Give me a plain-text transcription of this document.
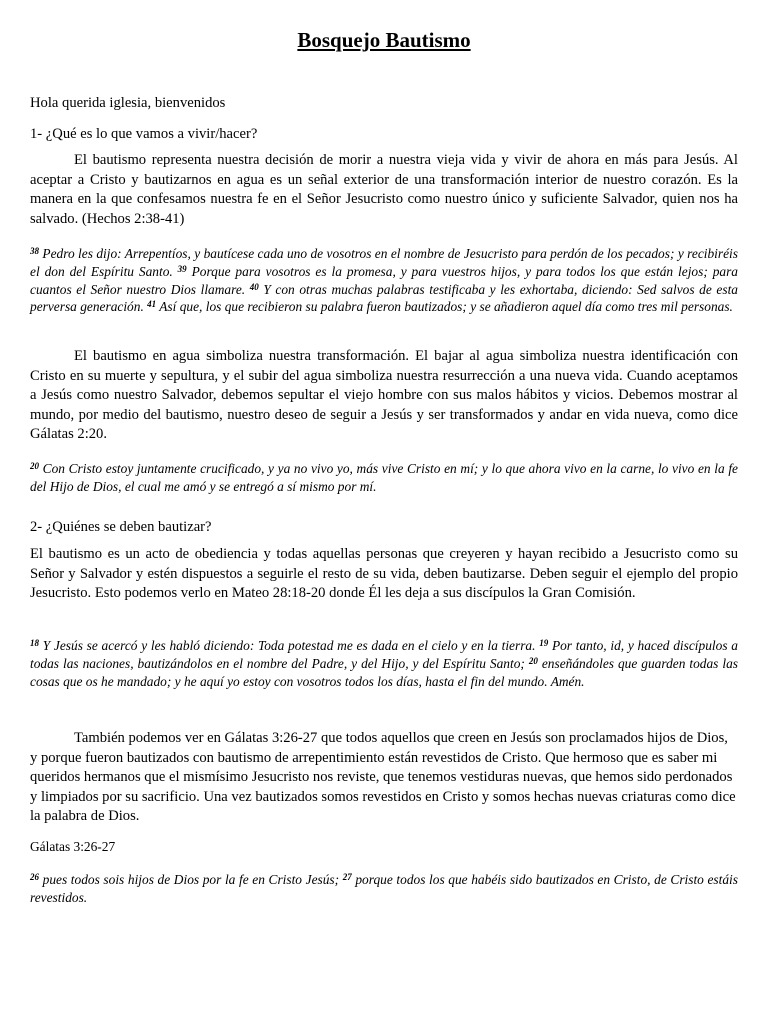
Bosquejo Bautismo

Hola querida iglesia, bienvenidos

1- ¿Qué es lo que vamos a vivir/hacer?

El bautismo representa nuestra decisión de morir a nuestra vieja vida y vivir de ahora en más para Jesús. Al aceptar a Cristo y bautizarnos en agua es un señal exterior de una transformación interior de nuestro corazón. Es la manera en la que confesamos nuestra fe en el Señor Jesucristo como nuestro único y suficiente Salvador, quien nos ha salvado. (Hechos 2:38-41)

$^{38}$ Pedro les dijo: Arrepentíos, y bautícese cada uno de vosotros en el nombre de Jesucristo para perdón de los pecados; y recibiréis el don del Espíritu Santo. $^{39}$ Porque para vosotros es la promesa, y para vuestros hijos, y para todos los que están lejos; para cuantos el Señor nuestro Dios llamare. $^{40}$ Y con otras muchas palabras testificaba y les exhortaba, diciendo: Sed salvos de esta perversa generación. $^{41}$ Así que, los que recibieron su palabra fueron bautizados; y se añadieron aquel día como tres mil personas.

El bautismo en agua simboliza nuestra transformación. El bajar al agua simboliza nuestra identificación con Cristo en su muerte y sepultura, y el subir del agua simboliza nuestra resurrección a una nueva vida. Cuando aceptamos a Jesús como nuestro Salvador, debemos sepultar el viejo hombre con sus malos hábitos y vicios. Debemos mostrar al mundo, por medio del bautismo, nuestro deseo de seguir a Jesús y ser transformados y andar en vida nueva, como dice Gálatas 2:20.

$^{20}$ Con Cristo estoy juntamente crucificado, y ya no vivo yo, más vive Cristo en mí; y lo que ahora vivo en la carne, lo vivo en la fe del Hijo de Dios, el cual me amó y se entregó a sí mismo por mí.

2- ¿Quiénes se deben bautizar?

El bautismo es un acto de obediencia y todas aquellas personas que creyeren y hayan recibido a Jesucristo como su Señor y Salvador y estén dispuestos a seguirle el resto de su vida, deben bautizarse. Deben seguir el ejemplo del propio Jesucristo. Esto podemos verlo en Mateo 28:18-20 donde Él les deja a sus discípulos la Gran Comisión.

$^{18}$ Y Jesús se acercó y les habló diciendo: Toda potestad me es dada en el cielo y en la tierra. $^{19}$ Por tanto, id, y haced discípulos a todas las naciones, bautizándolos en el nombre del Padre, y del Hijo, y del Espíritu Santo; $^{20}$ enseñándoles que guarden todas las cosas que os he mandado; y he aquí yo estoy con vosotros todos los días, hasta el fin del mundo. Amén.

También podemos ver en Gálatas 3:26-27 que todos aquellos que creen en Jesús son proclamados hijos de Dios, y porque fueron bautizados con bautismo de arrepentimiento están revestidos de Cristo. Que hermoso que es saber mi queridos hermanos que el mismísimo Jesucristo nos reviste, que tenemos vestiduras nuevas, que hemos sido perdonados y limpiados por su sacrificio. Una vez bautizados somos revestidos en Cristo y somos hechas nuevas criaturas como dice la palabra de Dios.

Gálatas 3:26-27

$^{26}$ pues todos sois hijos de Dios por la fe en Cristo Jesús; $^{27}$ porque todos los que habéis sido bautizados en Cristo, de Cristo estáis revestidos.
